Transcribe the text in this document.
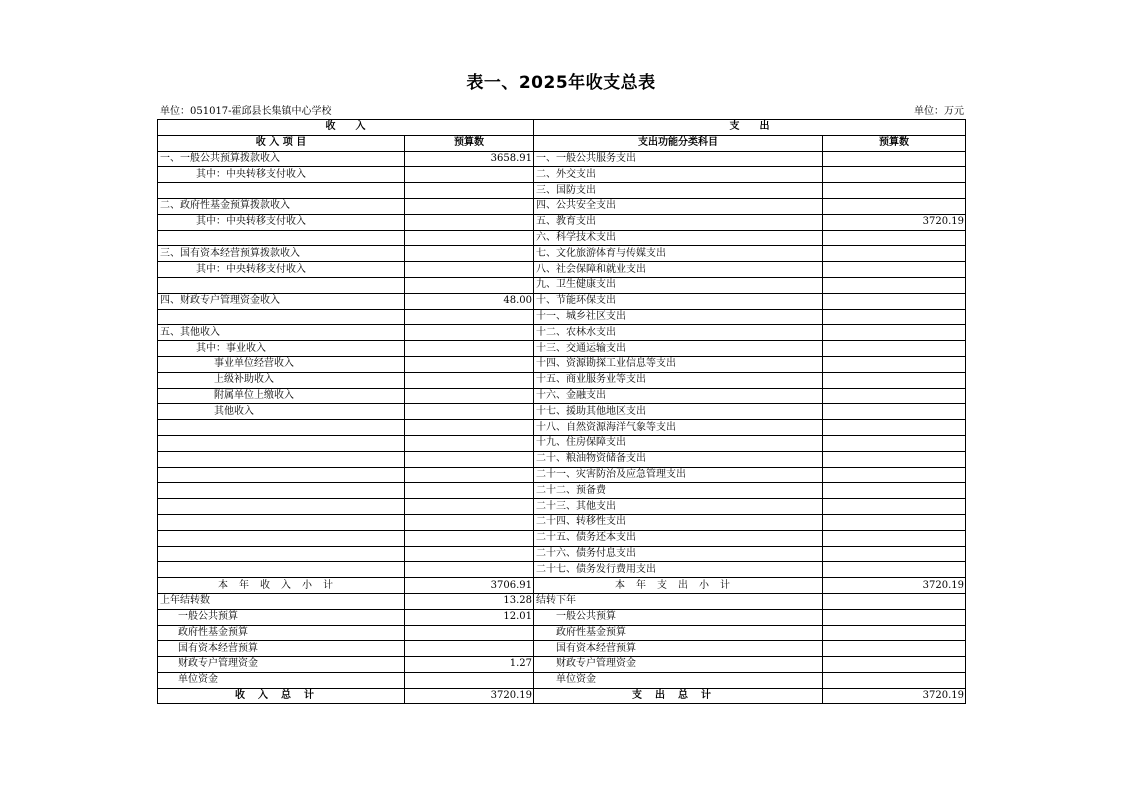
表一、2025年收支总表
单位：051017-霍邱县长集镇中心学校	单位：万元
收　　入		支　　出	
收 入 项 目	预算数	支出功能分类科目	预算数
一、一般公共预算拨款收入	3658.91	一、一般公共服务支出	
其中：中央转移支付收入		二、外交支出	
		三、国防支出	
二、政府性基金预算拨款收入		四、公共安全支出	
其中：中央转移支付收入		五、教育支出	3720.19
		六、科学技术支出	
三、国有资本经营预算拨款收入		七、文化旅游体育与传媒支出	
其中：中央转移支付收入		八、社会保障和就业支出	
		九、卫生健康支出	
四、财政专户管理资金收入	48.00	十、节能环保支出	
		十一、城乡社区支出	
五、其他收入		十二、农林水支出	
其中：事业收入		十三、交通运输支出	
事业单位经营收入		十四、资源勘探工业信息等支出	
上级补助收入		十五、商业服务业等支出	
附属单位上缴收入		十六、金融支出	
其他收入		十七、援助其他地区支出	
		十八、自然资源海洋气象等支出	
		十九、住房保障支出	
		二十、粮油物资储备支出	
		二十一、灾害防治及应急管理支出	
		二十二、预备费	
		二十三、其他支出	
		二十四、转移性支出	
		二十五、债务还本支出	
		二十六、债务付息支出	
		二十七、债务发行费用支出	
本年收入小计	3706.91	本年支出小计	3720.19
上年结转数	13.28	结转下年	
一般公共预算	12.01	一般公共预算	
政府性基金预算		政府性基金预算	
国有资本经营预算		国有资本经营预算	
财政专户管理资金	1.27	财政专户管理资金	
单位资金		单位资金	
收入总计	3720.19	支出总计	3720.19
